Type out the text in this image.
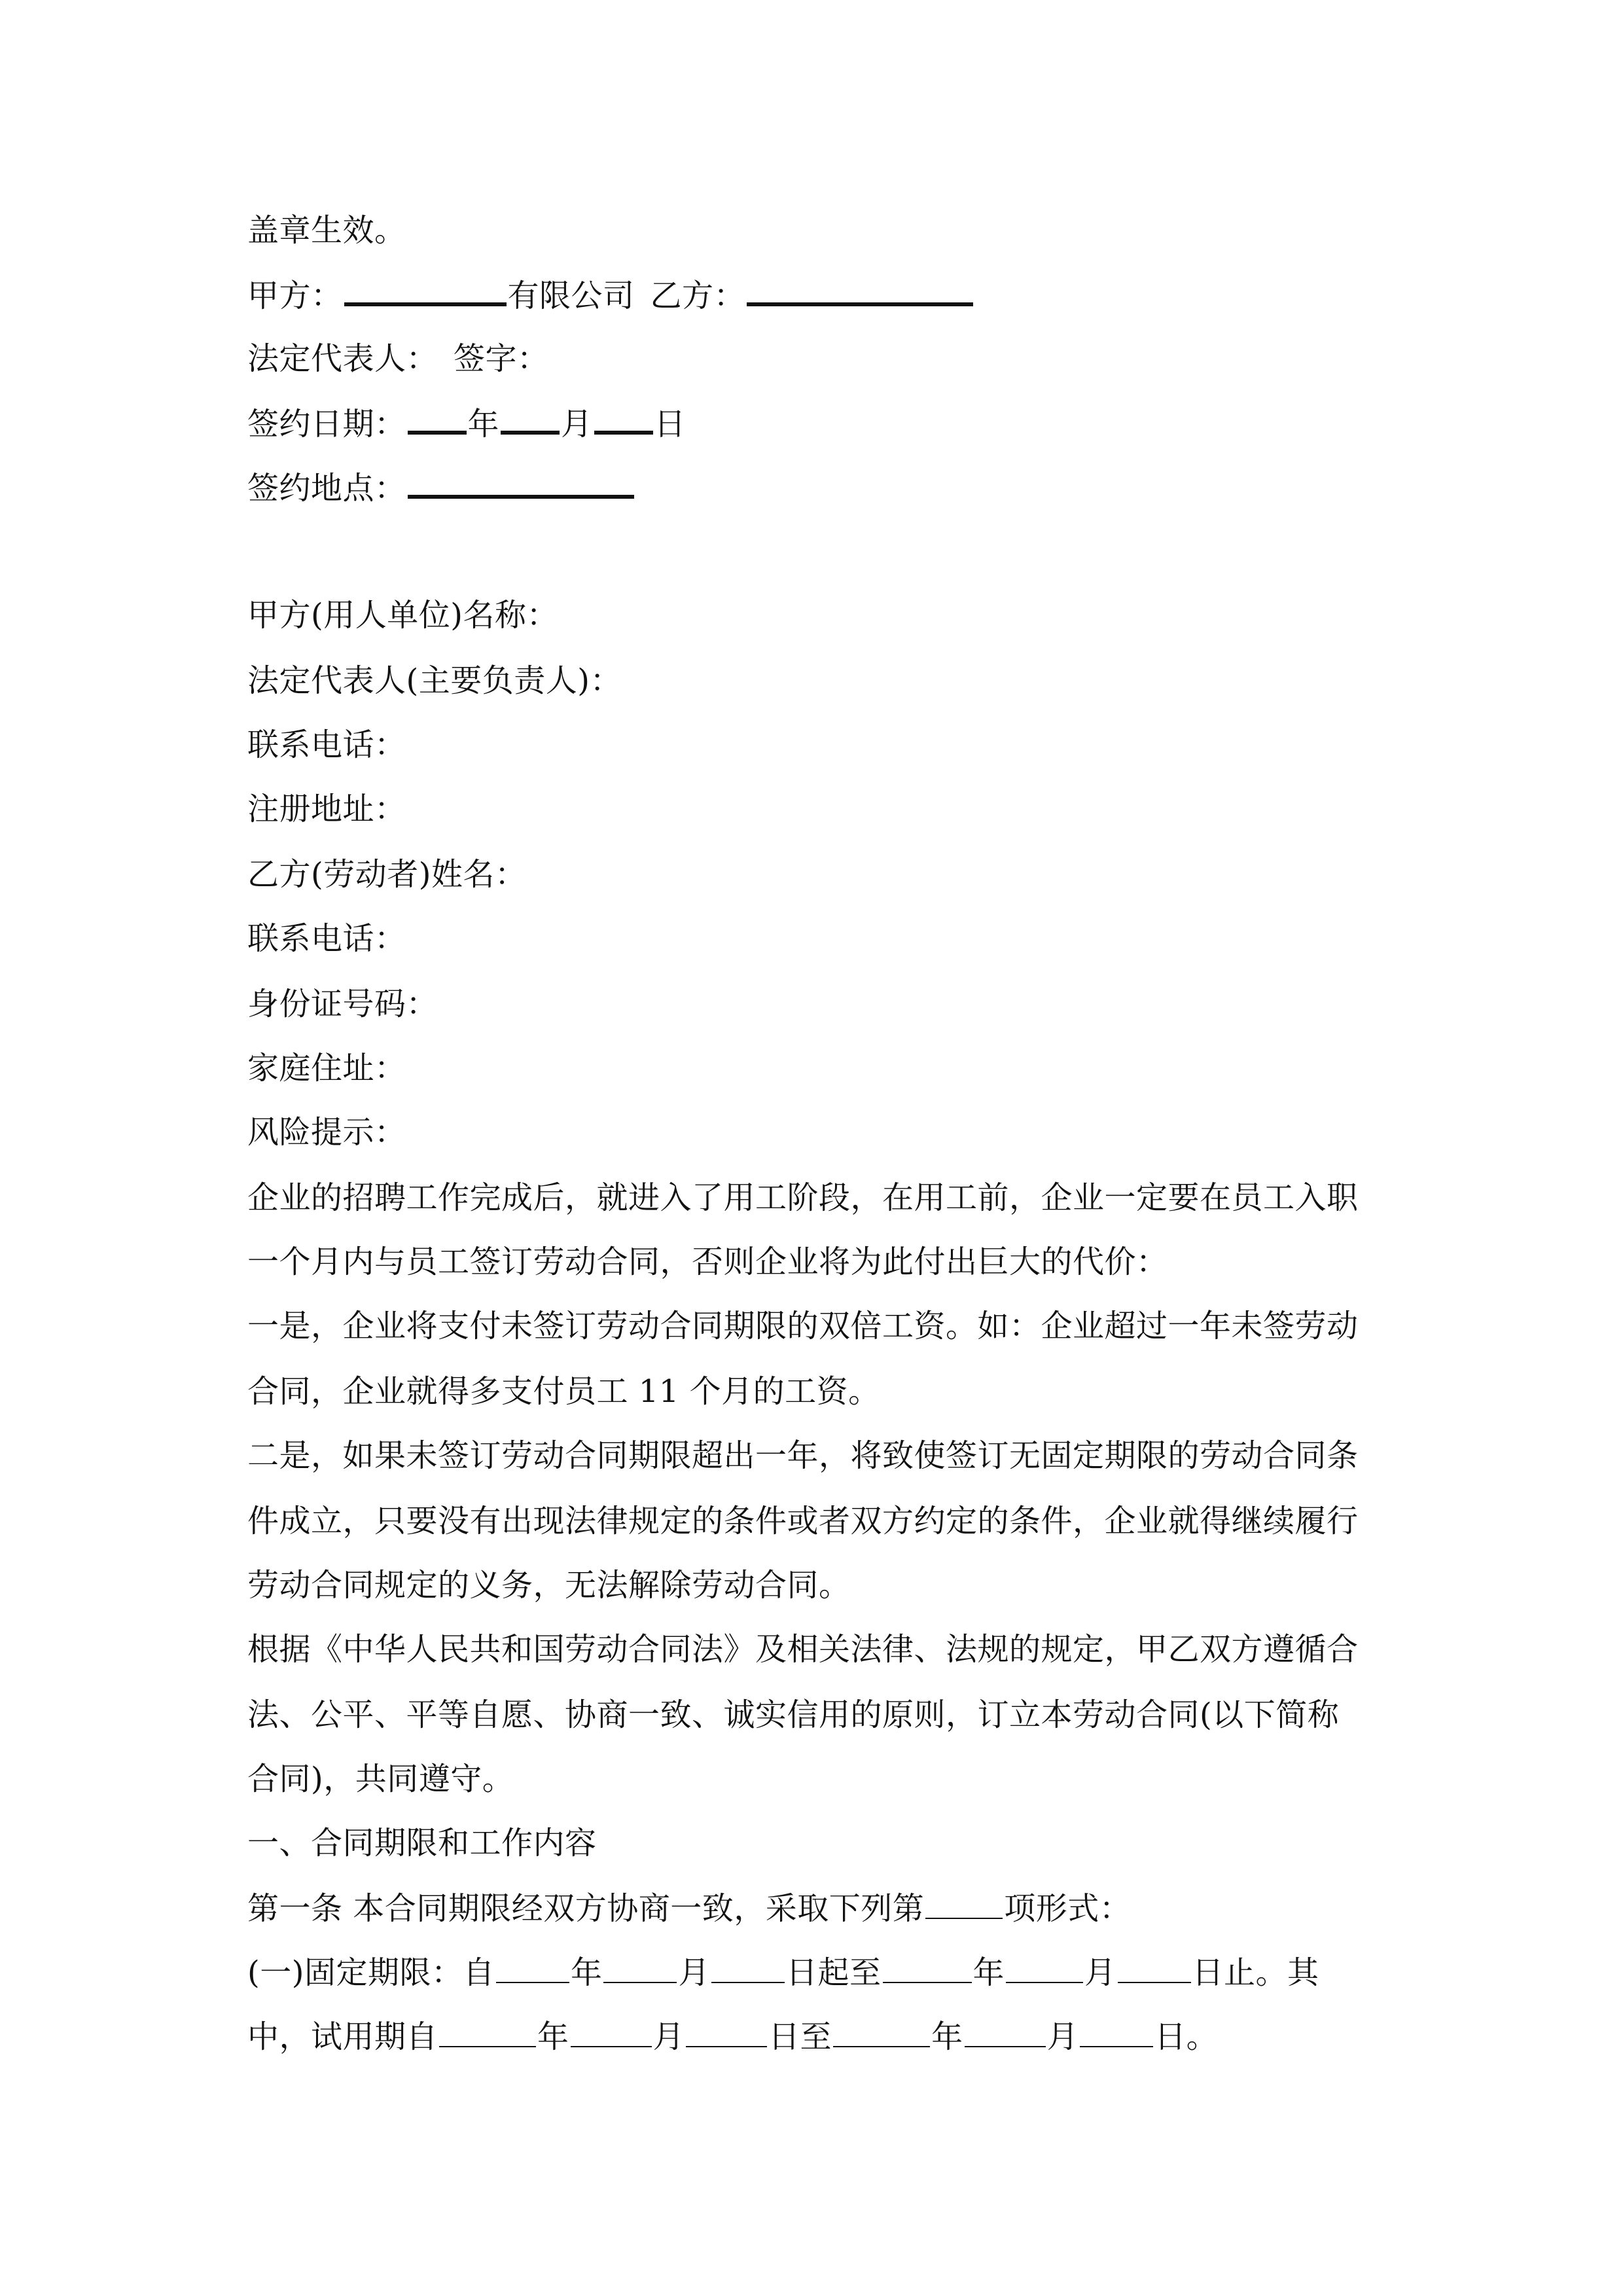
盖章生效。
甲方：	有限公司 乙方：
法定代表人： 签字：
签约日期： 年 月 日
签约地点：
甲方(用人单位)名称：
法定代表人(主要负责人)：
联系电话：
注册地址：
乙方(劳动者)姓名：
联系电话：
身份证号码：
家庭住址：
风险提示：
企业的招聘工作完成后，就进入了用工阶段，在用工前，企业一定要在员工入职
一个月内与员工签订劳动合同，否则企业将为此付出巨大的代价：
一是，企业将支付未签订劳动合同期限的双倍工资。如：企业超过一年未签劳动
合同，企业就得多支付员工 11 个月的工资。
二是，如果未签订劳动合同期限超出一年，将致使签订无固定期限的劳动合同条
件成立，只要没有出现法律规定的条件或者双方约定的条件，企业就得继续履行
劳动合同规定的义务，无法解除劳动合同。
根据《中华人民共和国劳动合同法》及相关法律、法规的规定，甲乙双方遵循合
法、公平、平等自愿、协商一致、诚实信用的原则，订立本劳动合同(以下简称
合同)，共同遵守。
一、合同期限和工作内容
第一条 本合同期限经双方协商一致，采取下列第	项形式：
(一)固定期限：自 年 月 日起至	年	月 日止。其
中，试用期自	年	月	日至	年	月 日。
